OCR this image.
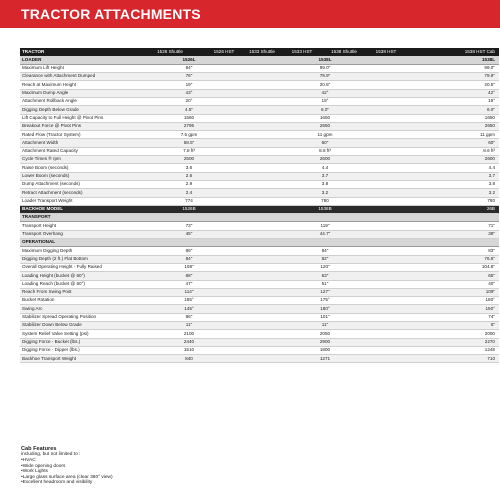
TRACTOR ATTACHMENTS
TRACTOR	1526 Shuttle	1526 HST	1533 Shuttle	1533 HST	1538 Shuttle	1538 HST	1538 HST Cab
LOADER	1526L		1538L				1538L
Maximum Lift Height	84"		99.0"				99.0"
Clearance with Attachment Dumped	76"		79.9"				79.9"
Reach at Maximum Height	19"		20.5"				20.5"
Maximum Dump Angle	43°		42°				42°
Attachment Rollback Angle	20°		19°				19°
Digging Depth Below Grade	4.5"		6.0"				6.0"
Lift Capacity to Full Height @ Pivot Pins	1560		1650				1650
Breakout Force @ Pivot Pins	2795		2650				2650
Rated Flow (Tractor System)	7.5 gpm		11 gpm				11 gpm
Attachment Width	58.5"		60"				60"
Attachment Rated Capacity	7.8 ft³		8.6 ft³				8.6 ft³
Cycle Times ® rpm	2500		2600				2600
Raise Boom (seconds)	3.6		4.4				4.4
Lower Boom (seconds)	2.6		3.7				3.7
Dump Attachment (seconds)	2.9		3.8				3.8
Retract Attachment (seconds)	2.4		3.2				3.2
Loader Transport Weight	774		780				780
BACKHOE MODEL	1526B		1538B				26B
TRANSPORT							
Transport Height	73"		119"				71"
Transport Overhang	45"		44.7"				39"
OPERATIONAL							
Maximum Digging Depth	86"		84"				83"
Digging Depth (2 ft.) Flat Bottom	84"		82"				76.5"
Overall Operating Height - Fully Raised	108"		120"				104.8"
Loading Height (bucket @ 60°)	68"		63"				65"
Loading Reach (bucket @ 60°)	47"		51"				40"
Reach From Swing Post	114"		127"				109"
Bucket Rotation	185°		175°				180°
Swing Arc	145°		180°				150°
Stabilizer Spread Operating Position	86"		101"				74"
Stabilizer Down Below Grade	11"		11"				6"
System Relief Valve Setting (psi)	2100		2050				2000
Digging Force - Bucket (lbs.)	2440		2900				2270
Digging Force - Dipper (lbs.)	1510		1800				1248
Backhoe Transport Weight	840		1271				710
Cab Features
including, but not limited to :
• HVAC
• Wide opening doors
• Work Lights
• Large glass surface area (clear 360° view)
• Excellent headroom and visibility
